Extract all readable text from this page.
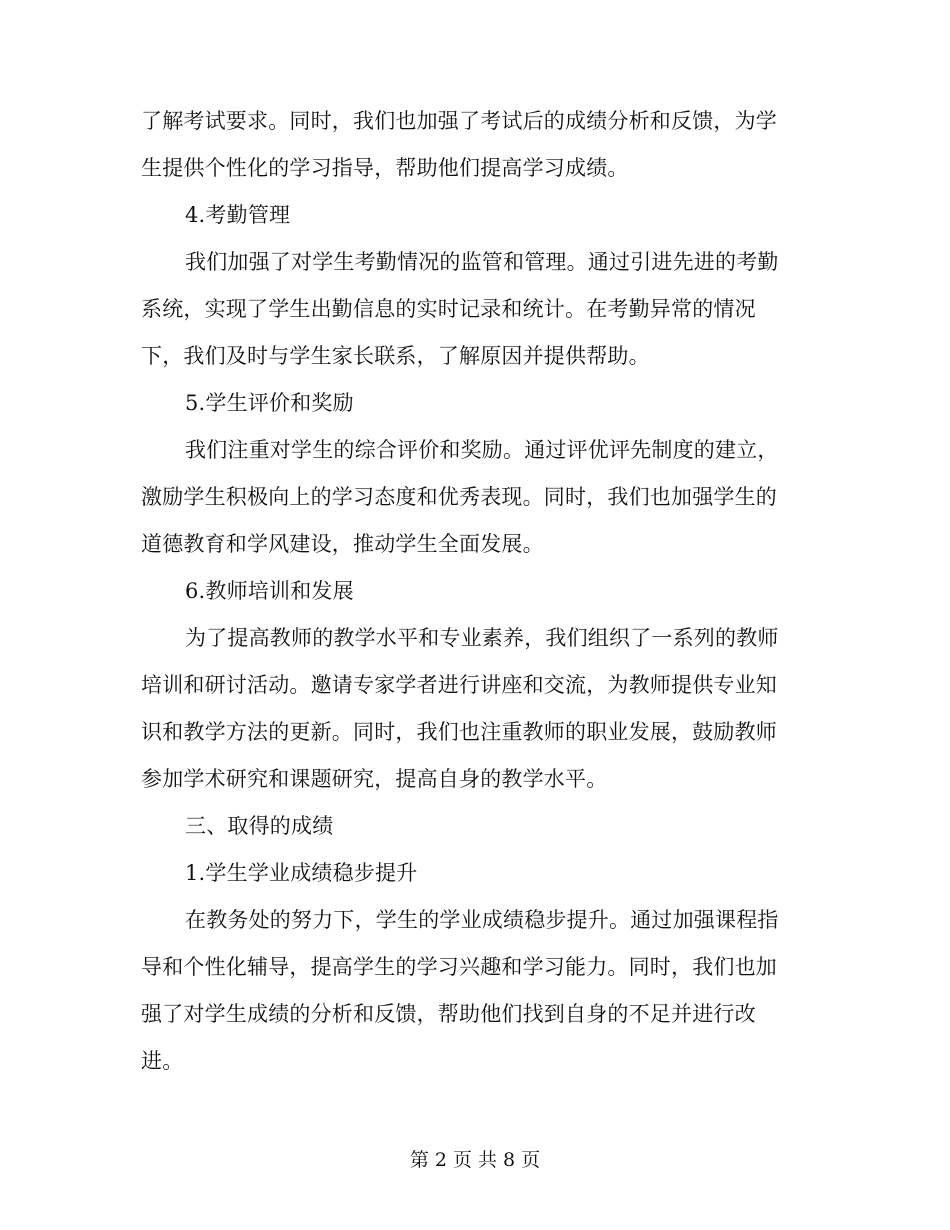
了解考试要求。同时，我们也加强了考试后的成绩分析和反馈，为学
生提供个性化的学习指导，帮助他们提高学习成绩。
4.考勤管理
我们加强了对学生考勤情况的监管和管理。通过引进先进的考勤
系统，实现了学生出勤信息的实时记录和统计。在考勤异常的情况
下，我们及时与学生家长联系，了解原因并提供帮助。
5.学生评价和奖励
我们注重对学生的综合评价和奖励。通过评优评先制度的建立，
激励学生积极向上的学习态度和优秀表现。同时，我们也加强学生的
道德教育和学风建设，推动学生全面发展。
6.教师培训和发展
为了提高教师的教学水平和专业素养，我们组织了一系列的教师
培训和研讨活动。邀请专家学者进行讲座和交流，为教师提供专业知
识和教学方法的更新。同时，我们也注重教师的职业发展，鼓励教师
参加学术研究和课题研究，提高自身的教学水平。
三、取得的成绩
1.学生学业成绩稳步提升
在教务处的努力下，学生的学业成绩稳步提升。通过加强课程指
导和个性化辅导，提高学生的学习兴趣和学习能力。同时，我们也加
强了对学生成绩的分析和反馈，帮助他们找到自身的不足并进行改
进。
第 2 页 共 8 页
